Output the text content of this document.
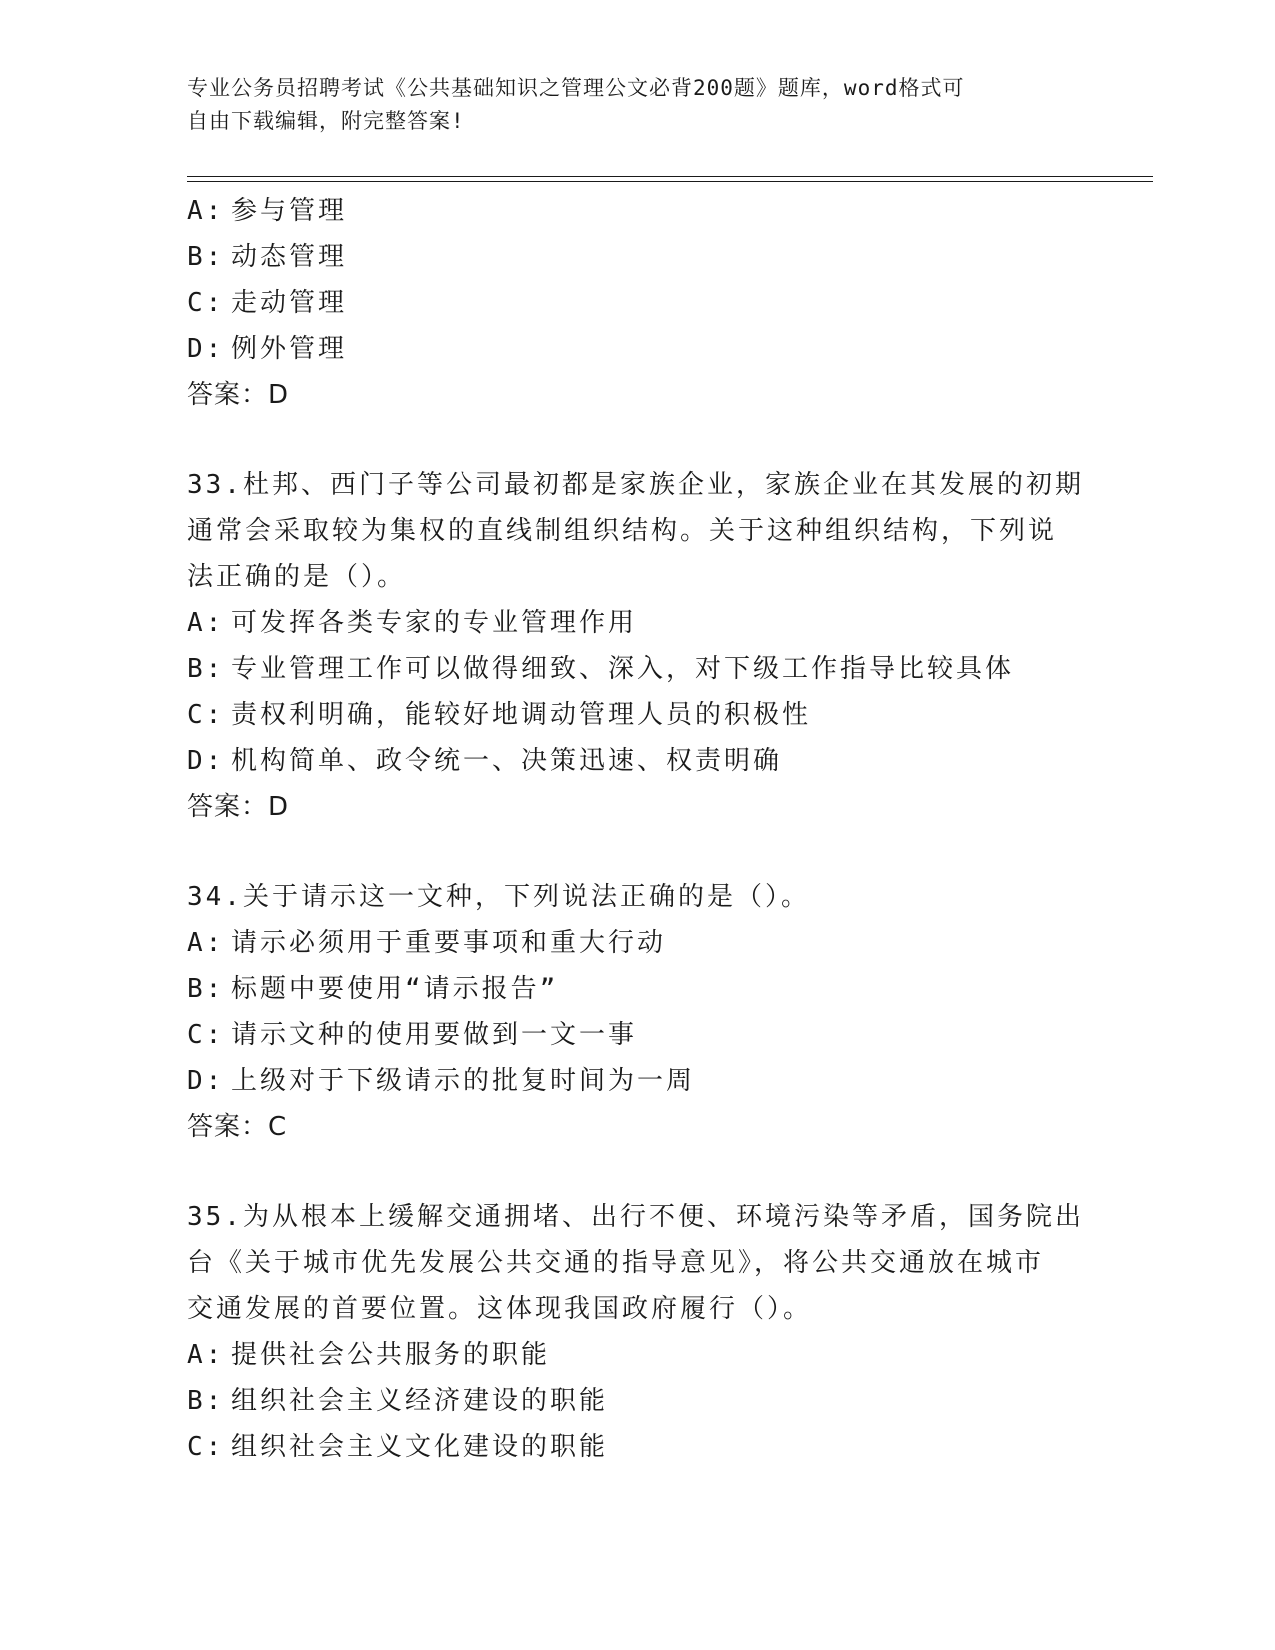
专业公务员招聘考试《公共基础知识之管理公文必背200题》题库，word格式可
自由下载编辑，附完整答案!
A: 参与管理
B: 动态管理
C: 走动管理
D: 例外管理
答案：D
33.杜邦、西门子等公司最初都是家族企业，家族企业在其发展的初期
通常会采取较为集权的直线制组织结构。关于这种组织结构，下列说
法正确的是（）。
A: 可发挥各类专家的专业管理作用
B: 专业管理工作可以做得细致、深入，对下级工作指导比较具体
C: 责权利明确，能较好地调动管理人员的积极性
D: 机构简单、政令统一、决策迅速、权责明确
答案：D
34.关于请示这一文种，下列说法正确的是（）。
A: 请示必须用于重要事项和重大行动
B: 标题中要使用“请示报告”
C: 请示文种的使用要做到一文一事
D: 上级对于下级请示的批复时间为一周
答案：C
35.为从根本上缓解交通拥堵、出行不便、环境污染等矛盾，国务院出
台《关于城市优先发展公共交通的指导意见》，将公共交通放在城市
交通发展的首要位置。这体现我国政府履行（）。
A: 提供社会公共服务的职能
B: 组织社会主义经济建设的职能
C: 组织社会主义文化建设的职能
